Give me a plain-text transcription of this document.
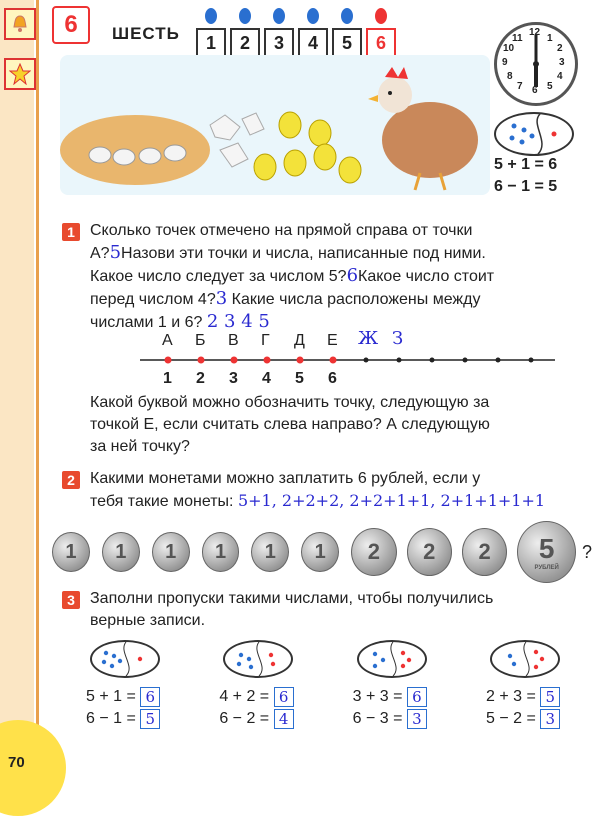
6	ШЕСТЬ 1 2 3 4 5 6	12
3
6
9
1
2
4
5
7
8
10
11
5 + 1 = 6
6 − 1 = 5
1 Сколько точек отмечено на прямой справа от точки
А?5Назови эти точки и числа, написанные под ними.
Какое число следует за числом 5?6Какое число стоит
перед числом 4?3 Какие числа расположены между
числами 1 и 6? 2 3 4 5
А Б В Г Д Е Ж З
1 2 3 4 5 6
Какой буквой можно обозначить точку, следующую за
точкой Е, если считать слева направо? А следующую
за ней точку?
2 Какими монетами можно заплатить 6 рублей, если у
тебя такие монеты: 5+1, 2+2+2, 2+2+1+1, 2+1+1+1+1
1	1	1	1	1	1	2	2	2	5
РУБЛЕЙ
?
3 Заполни пропуски такими числами, чтобы получились
верные записи.
5 + 1 = 6
6 − 1 = 5
4 + 2 = 6
6 − 2 = 4
3 + 3 = 6
6 − 3 = 3
2 + 3 = 5
5 − 2 = 3
70
